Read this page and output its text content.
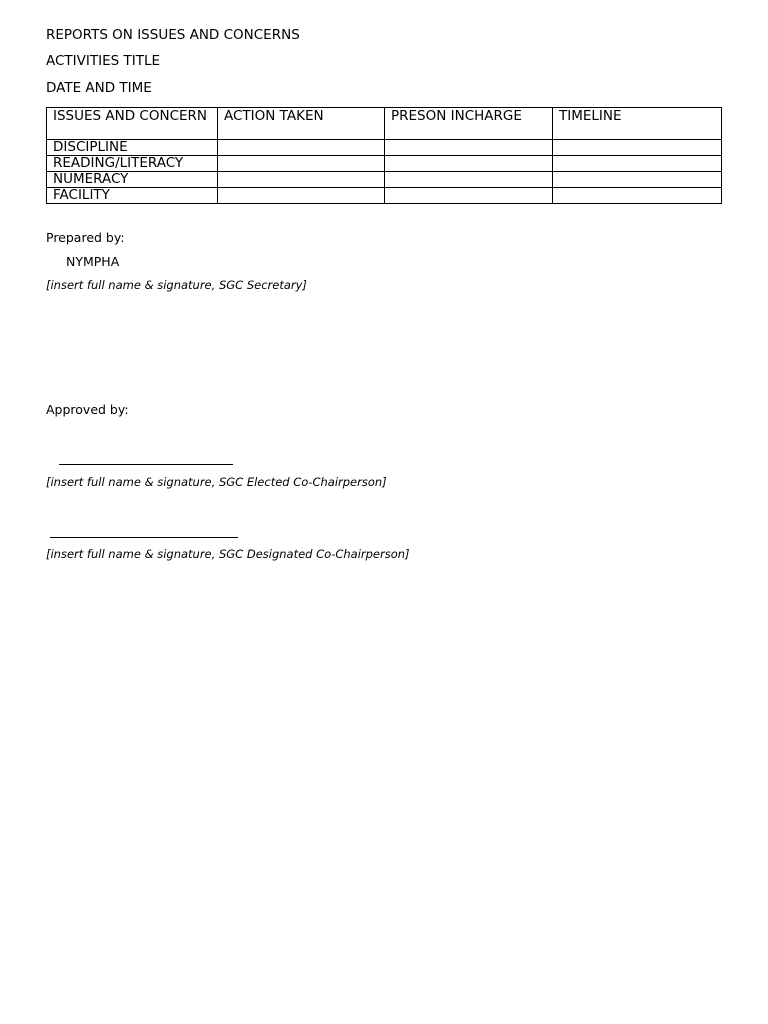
REPORTS ON ISSUES AND CONCERNS
ACTIVITIES TITLE
DATE AND TIME
ISSUES AND CONCERN	ACTION TAKEN	PRESON INCHARGE	TIMELINE
DISCIPLINE			
READING/LITERACY			
NUMERACY			
FACILITY			
Prepared by:
NYMPHA
[insert full name & signature, SGC Secretary]
Approved by:
[insert full name & signature, SGC Elected Co-Chairperson]
[insert full name & signature, SGC Designated Co-Chairperson]
